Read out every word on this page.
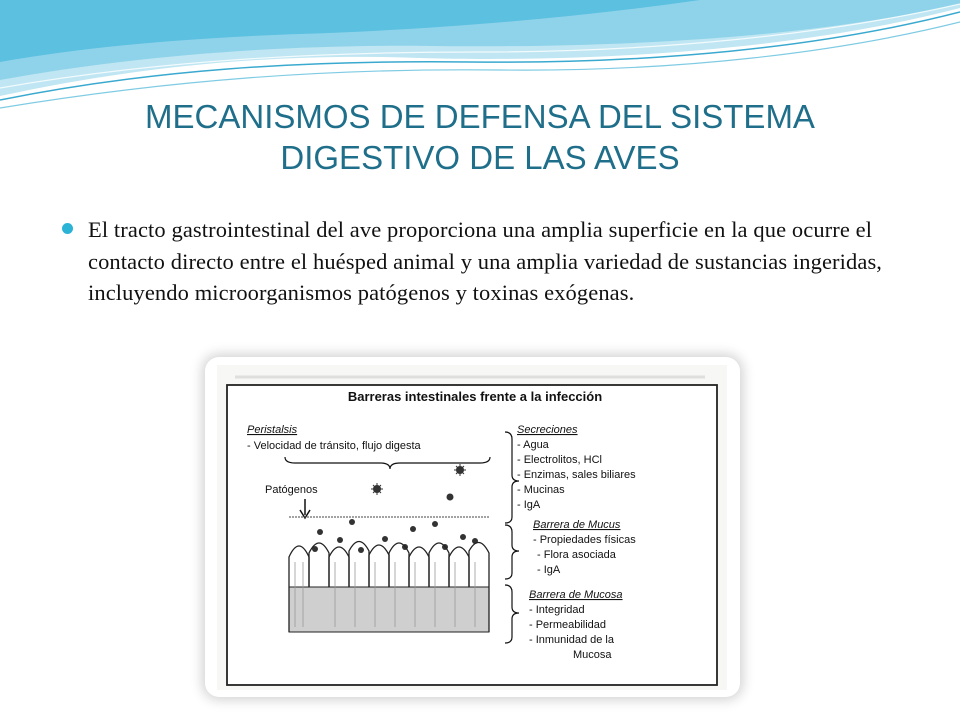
MECANISMOS DE DEFENSA DEL SISTEMA
DIGESTIVO DE LAS AVES
El tracto gastrointestinal del ave proporciona una amplia superficie en la que ocurre el contacto directo entre el huésped animal y una amplia variedad de sustancias ingeridas, incluyendo microorganismos patógenos y toxinas exógenas.
Barreras intestinales frente a la infección
Peristalsis
- Velocidad de tránsito, flujo digesta
Patógenos
Secreciones
- Agua
- Electrolitos, HCl
- Enzimas, sales biliares
- Mucinas
- IgA
Barrera de Mucus
- Propiedades físicas
- Flora asociada
- IgA
Barrera de Mucosa
- Integridad
- Permeabilidad
- Inmunidad de la
Mucosa
